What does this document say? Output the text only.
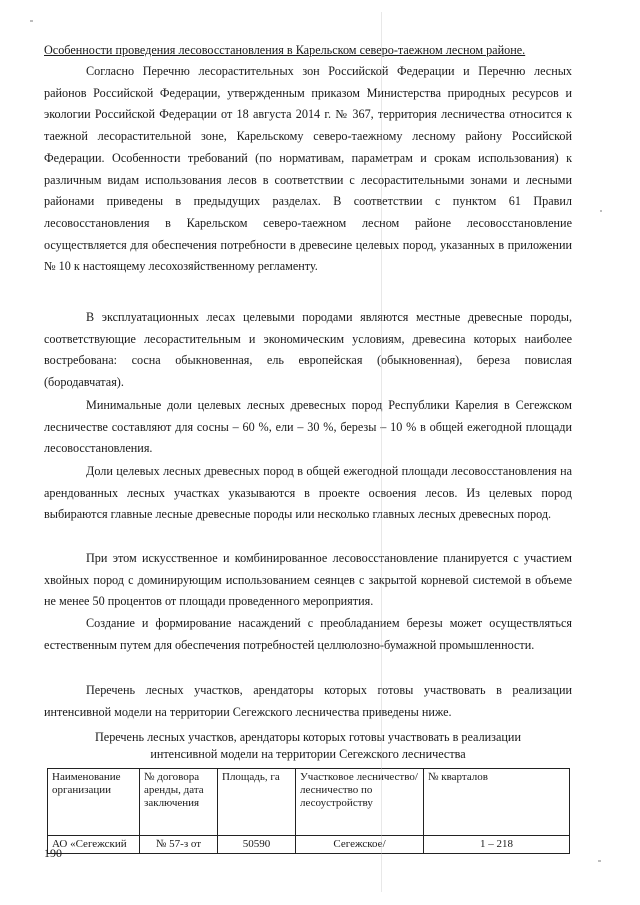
Особенности проведения лесовосстановления в Карельском северо-таежном лесном районе.

Согласно Перечню лесорастительных зон Российской Федерации и Перечню лесных районов Российской Федерации, утвержденным приказом Министерства природных ресурсов и экологии Российской Федерации от 18 августа 2014 г. № 367, территория лесничества относится к таежной лесорастительной зоне, Карельскому северо-таежному лесному району Российской Федерации. Особенности требований (по нормативам, параметрам и срокам использования) к различным видам использования лесов в соответствии с лесорастительными зонами и лесными районами приведены в предыдущих разделах. В соответствии с пунктом 61 Правил лесовосстановления в Карельском северо-таежном лесном районе лесовосстановление осуществляется для обеспечения потребности в древесине целевых пород, указанных в приложении № 10 к настоящему лесохозяйственному регламенту.

В эксплуатационных лесах целевыми породами являются местные древесные породы, соответствующие лесорастительным и экономическим условиям, древесина которых наиболее востребована: сосна обыкновенная, ель европейская (обыкновенная), береза повислая (бородавчатая).

Минимальные доли целевых лесных древесных пород Республики Карелия в Сегежском лесничестве составляют для сосны – 60 %, ели – 30 %, березы – 10 % в общей ежегодной площади лесовосстановления.

Доли целевых лесных древесных пород в общей ежегодной площади лесовосстановления на арендованных лесных участках указываются в проекте освоения лесов. Из целевых пород выбираются главные лесные древесные породы или несколько главных лесных древесных пород.

При этом искусственное и комбинированное лесовосстановление планируется с участием хвойных пород с доминирующим использованием сеянцев с закрытой корневой системой в объеме не менее 50 процентов от площади проведенного мероприятия.

Создание и формирование насаждений с преобладанием березы может осуществляться естественным путем для обеспечения потребностей целлюлозно-бумажной промышленности.

Перечень лесных участков, арендаторы которых готовы участвовать в реализации интенсивной модели на территории Сегежского лесничества приведены ниже.

Перечень лесных участков, арендаторы которых готовы участвовать в реализации
интенсивной модели на территории Сегежского лесничества
Наименование организации	№ договора аренды, дата заключения	Площадь, га	Участковое лесничество/ лесничество по лесоустройству	№ кварталов
АО «Сегежский	№ 57-з от	50590	Сегежское/	1 – 218
190
